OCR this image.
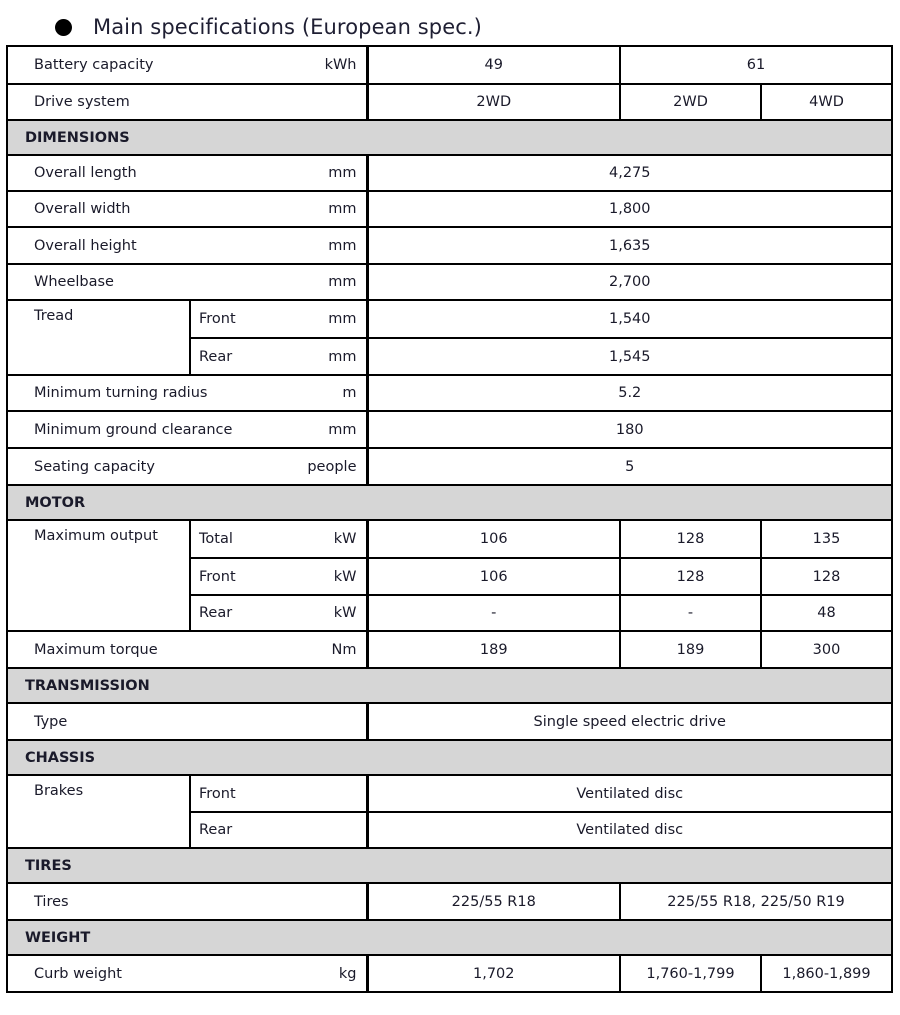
Main specifications (European spec.)
Battery capacity		kWh	49	61	
Drive system			2WD	2WD	4WD
DIMENSIONS					
Overall length		mm	4,275		
Overall width		mm	1,800		
Overall height		mm	1,635		
Wheelbase		mm	2,700		
Tread	Front	mm	1,540		
	Rear	mm	1,545		
Minimum turning radius		m	5.2		
Minimum ground clearance		mm	180		
Seating capacity		people	5		
MOTOR					
Maximum output	Total	kW	106	128	135
	Front	kW	106	128	128
	Rear	kW	-	-	48
Maximum torque		Nm	189	189	300
TRANSMISSION					
Type			Single speed electric drive		
CHASSIS					
Brakes	Front		Ventilated disc		
	Rear		Ventilated disc		
TIRES					
Tires			225/55 R18	225/55 R18, 225/50 R19	
WEIGHT					
Curb weight		kg	1,702	1,760-1,799	1,860-1,899
